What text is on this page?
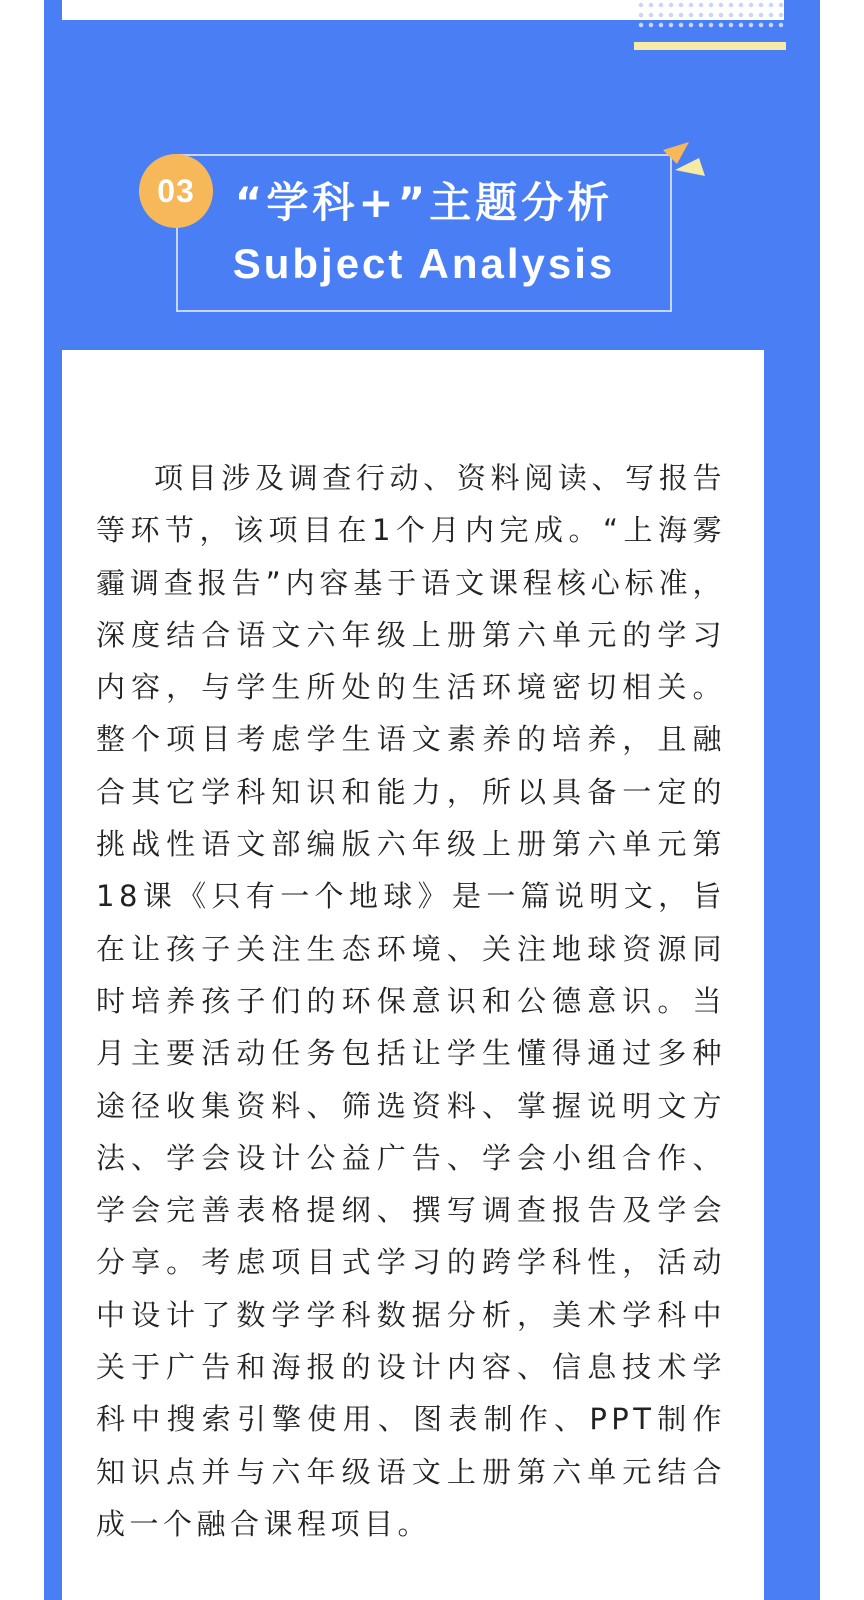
03 “学科+”主题分析
Subject Analysis

项目涉及调查行动、资料阅读、写报告等环节，该项目在1个月内完成。“上海雾霾调查报告”内容基于语文课程核心标准，深度结合语文六年级上册第六单元的学习内容，与学生所处的生活环境密切相关。整个项目考虑学生语文素养的培养，且融合其它学科知识和能力，所以具备一定的挑战性语文部编版六年级上册第六单元第18课《只有一个地球》是一篇说明文，旨在让孩子关注生态环境、关注地球资源同时培养孩子们的环保意识和公德意识。当月主要活动任务包括让学生懂得通过多种途径收集资料、筛选资料、掌握说明文方法、学会设计公益广告、学会小组合作、学会完善表格提纲、撰写调查报告及学会分享。考虑项目式学习的跨学科性，活动中设计了数学学科数据分析，美术学科中关于广告和海报的设计内容、信息技术学科中搜索引擎使用、图表制作、PPT制作知识点并与六年级语文上册第六单元结合成一个融合课程项目。
